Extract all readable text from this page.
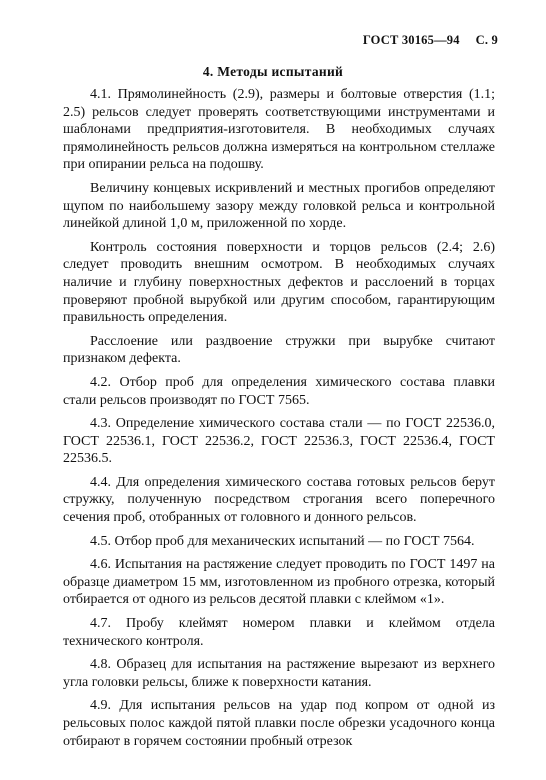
ГОСТ 30165—94 С. 9
4. Методы испытаний

4.1. Прямолинейность (2.9), размеры и болтовые отверстия (1.1; 2.5) рельсов следует проверять соответствующими инструментами и шаблонами предприятия-изготовителя. В необходимых случаях прямолинейность рельсов должна измеряться на контрольном стеллаже при опирании рельса на подошву.

Величину концевых искривлений и местных прогибов определяют щупом по наибольшему зазору между головкой рельса и контрольной линейкой длиной 1,0 м, приложенной по хорде.

Контроль состояния поверхности и торцов рельсов (2.4; 2.6) следует проводить внешним осмотром. В необходимых случаях наличие и глубину поверхностных дефектов и расслоений в торцах проверяют пробной вырубкой или другим способом, гарантирующим правильность определения.

Расслоение или раздвоение стружки при вырубке считают признаком дефекта.

4.2. Отбор проб для определения химического состава плавки стали рельсов производят по ГОСТ 7565.

4.3. Определение химического состава стали — по ГОСТ 22536.0, ГОСТ 22536.1, ГОСТ 22536.2, ГОСТ 22536.3, ГОСТ 22536.4, ГОСТ 22536.5.

4.4. Для определения химического состава готовых рельсов берут стружку, полученную посредством строгания всего поперечного сечения проб, отобранных от головного и донного рельсов.

4.5. Отбор проб для механических испытаний — по ГОСТ 7564.

4.6. Испытания на растяжение следует проводить по ГОСТ 1497 на образце диаметром 15 мм, изготовленном из пробного отрезка, который отбирается от одного из рельсов десятой плавки с клеймом «1».

4.7. Пробу клеймят номером плавки и клеймом отдела технического контроля.

4.8. Образец для испытания на растяжение вырезают из верхнего угла головки рельсы, ближе к поверхности катания.

4.9. Для испытания рельсов на удар под копром от одной из рельсовых полос каждой пятой плавки после обрезки усадочного конца отбирают в горячем состоянии пробный отрезок
